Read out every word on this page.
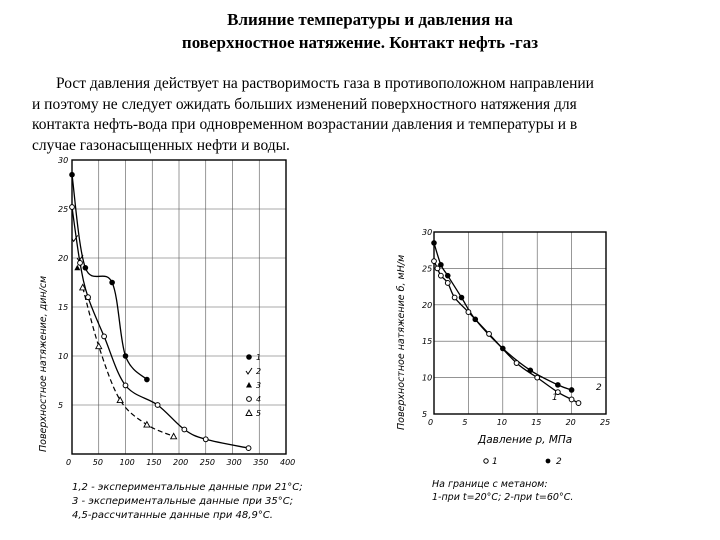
Влияние температуры и давления на
поверхностное натяжение. Контакт нефть -газ
Рост давления действует на растворимость газа в противоположном направлении
и поэтому не следует ожидать больших изменений поверхностного натяжения для
контакта нефть-вода при одновременном возрастании давления и температуры и в
случае газонасыщенных нефти и воды.
0	50 100 150 200 250 300 350 400
5
10
15
20
25
30
Поверхностное натяжение, дин/см	1
2
3
4
5
1,2 - экспериментальные данные при 21°С;
3 - экспериментальные данные при 35°С;
4,5-рассчитанные данные при 48,9°С.
0	5	10	15	20	25
5
10
15
20
25
30
Поверхностное натяжение б, мН/м
Давление р, МПа
1
2
1	2
На границе с метаном:
1-при t=20°С; 2-при t=60°С.
